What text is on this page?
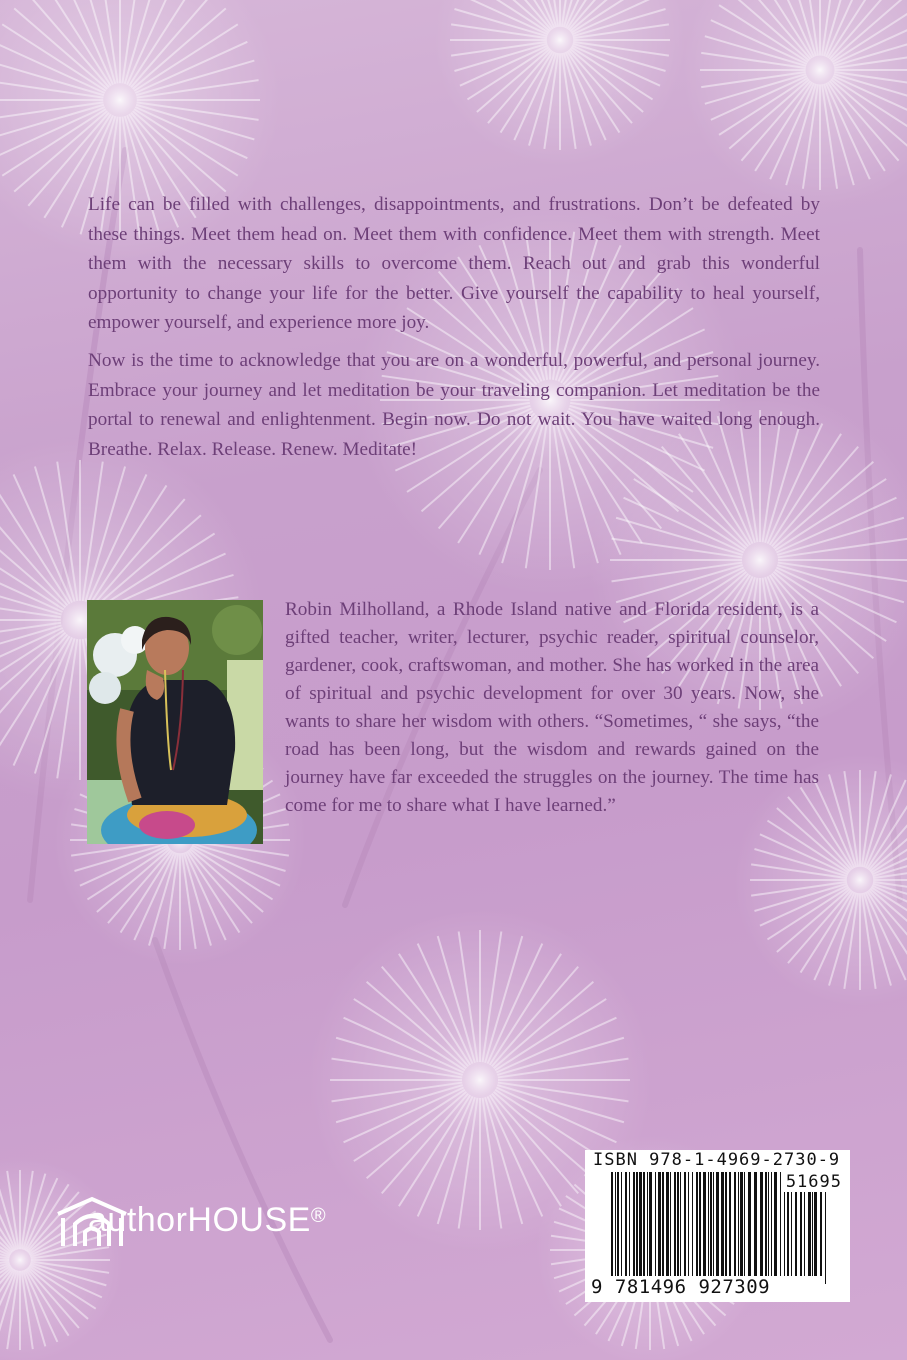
Life can be filled with challenges, disappointments, and frustrations. Don’t be defeated by these things. Meet them head on. Meet them with confidence. Meet them with strength. Meet them with the necessary skills to overcome them. Reach out and grab this wonderful opportunity to change your life for the better. Give yourself the capability to heal yourself, empower yourself, and experience more joy.

Now is the time to acknowledge that you are on a wonderful, powerful, and personal journey. Embrace your journey and let meditation be your traveling companion. Let meditation be the portal to renewal and enlightenment. Begin now. Do not wait. You have waited long enough. Breathe. Relax. Release. Renew. Meditate!

Robin Milholland, a Rhode Island native and Florida resident, is a gifted teacher, writer, lecturer, psychic reader, spiritual counselor, gardener, cook, craftswoman, and mother. She has worked in the area of spiritual and psychic development for over 30 years. Now, she wants to share her wisdom with others. “Sometimes, “ she says, “the road has been long, but the wisdom and rewards gained on the journey have far exceeded the struggles on the journey. The time has come for me to share what I have learned.”

authorHOUSE®
ISBN 978-1-4969-2730-9
51695
9 781496 927309
